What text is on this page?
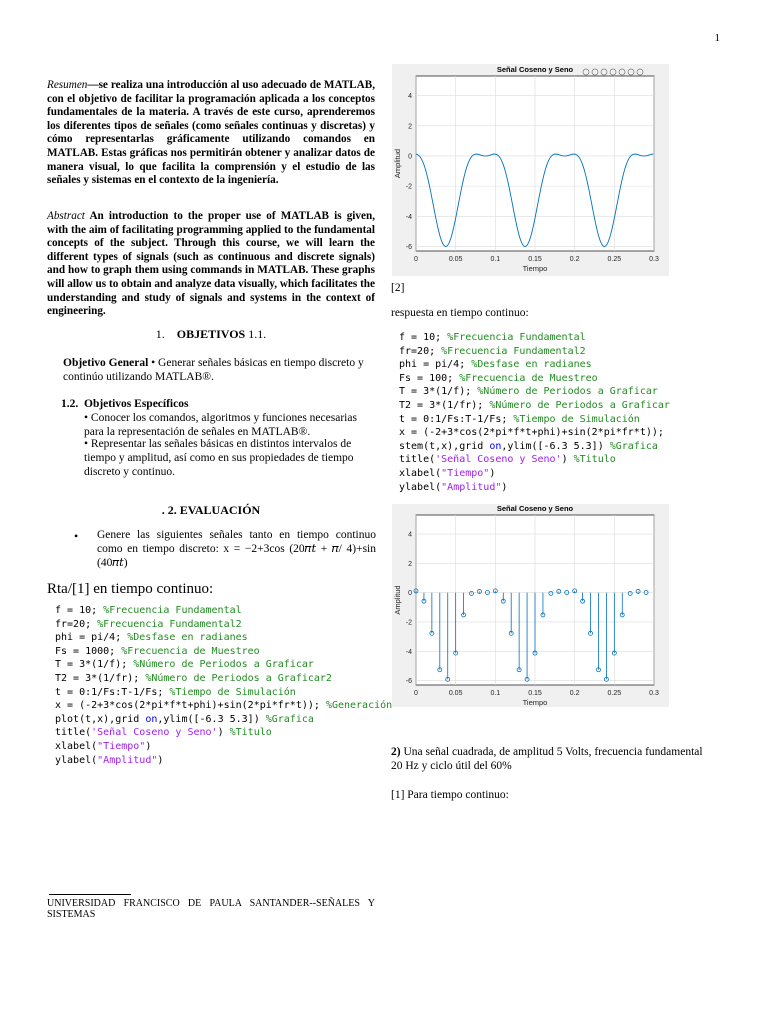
1
Resumen—se realiza una introducción al uso adecuado de MATLAB, con el objetivo de facilitar la programación aplicada a los conceptos fundamentales de la materia. A través de este curso, aprenderemos los diferentes tipos de señales (como señales continuas y discretas) y cómo representarlas gráficamente utilizando comandos en MATLAB. Estas gráficas nos permitirán obtener y analizar datos de manera visual, lo que facilita la comprensión y el estudio de las señales y sistemas en el contexto de la ingeniería.
Abstract An introduction to the proper use of MATLAB is given, with the aim of facilitating programming applied to the fundamental concepts of the subject. Through this course, we will learn the different types of signals (such as continuous and discrete signals) and how to graph them using commands in MATLAB. These graphs will allow us to obtain and analyze data visually, which facilitates the understanding and study of signals and systems in the context of engineering.
1. OBJETIVOS 1.1.
Objetivo General • Generar señales básicas en tiempo discreto y continúo utilizando MATLAB®.
1.2. Objetivos Específicos
• Conocer los comandos, algoritmos y funciones necesarias para la representación de señales en MATLAB®.
• Representar las señales básicas en distintos intervalos de tiempo y amplitud, así como en sus propiedades de tiempo discreto y continuo.
. 2. EVALUACIÓN
• Genere las siguientes señales tanto en tiempo continuo como en tiempo discreto: x = −2+3cos (20𝜋𝑡 + 𝜋/ 4)+sin (40𝜋𝑡)
Rta/[1] en tiempo continuo:
f = 10; %Frecuencia Fundamental
fr=20; %Frecuencia Fundamental2
phi = pi/4; %Desfase en radianes
Fs = 1000; %Frecuencia de Muestreo
T = 3*(1/f); %Número de Periodos a Graficar
T2 = 3*(1/fr); %Número de Periodos a Graficar2
t = 0:1/Fs:T-1/Fs; %Tiempo de Simulación
x = (-2+3*cos(2*pi*f*t+phi)+sin(2*pi*fr*t)); %Generación
plot(t,x),grid on,ylim([-6.3 5.3]) %Grafica
title('Señal Coseno y Seno') %Titulo
xlabel("Tiempo")
ylabel("Amplitud")
0	0.05	0.1	0.15	0.2	0.25	0.3
-6
-4
-2
0
2
4
Señal Coseno y Seno
Tiempo
Amplitud
[2]
respuesta en tiempo continuo:
f = 10; %Frecuencia Fundamental
fr=20; %Frecuencia Fundamental2
phi = pi/4; %Desfase en radianes
Fs = 100; %Frecuencia de Muestreo
T = 3*(1/f); %Número de Periodos a Graficar
T2 = 3*(1/fr); %Número de Periodos a Graficar
t = 0:1/Fs:T-1/Fs; %Tiempo de Simulación
x = (-2+3*cos(2*pi*f*t+phi)+sin(2*pi*fr*t));
stem(t,x),grid on,ylim([-6.3 5.3]) %Grafica
title('Señal Coseno y Seno') %Titulo
xlabel("Tiempo")
ylabel("Amplitud")
0	0.05	0.1	0.15	0.2	0.25	0.3
-6
-4
-2
0
2
4
Señal Coseno y Seno
Tiempo
Amplitud
2) Una señal cuadrada, de amplitud 5 Volts, frecuencia fundamental 20 Hz y ciclo útil del 60%
[1] Para tiempo continuo:
UNIVERSIDAD FRANCISCO DE PAULA SANTANDER--SEÑALES Y SISTEMAS
